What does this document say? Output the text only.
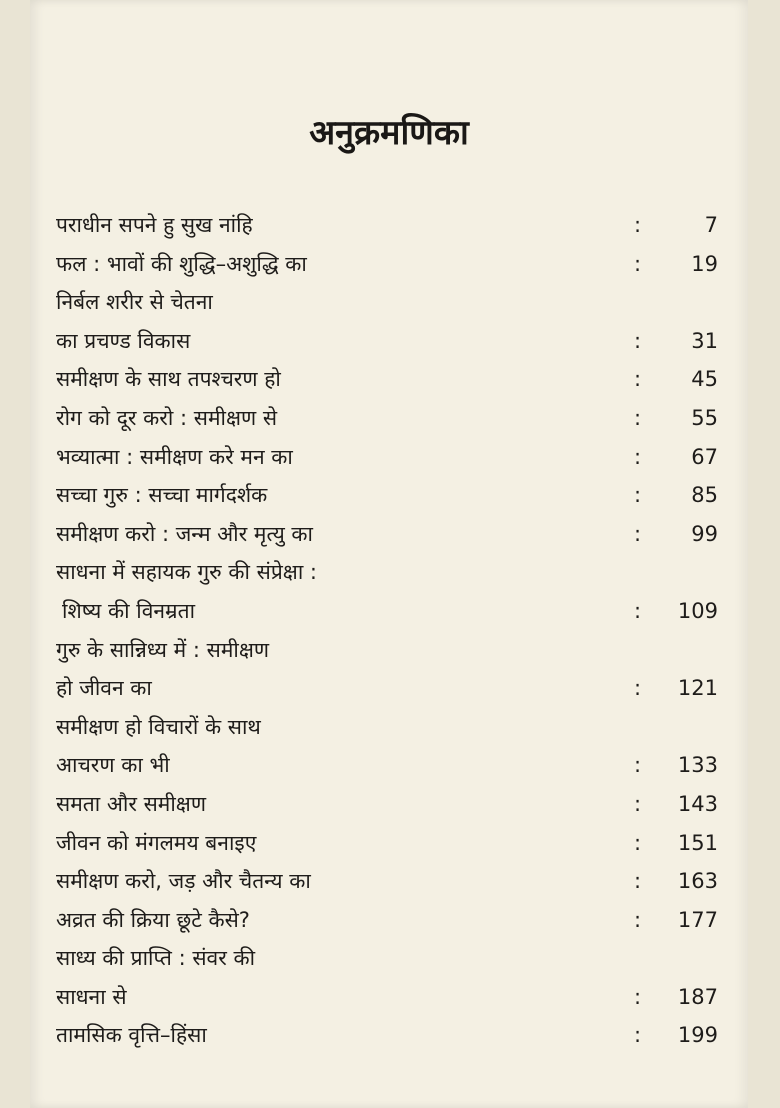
अनुक्रमणिका
पराधीन सपने हु सुख नांहि	:	7
फल : भावों की शुद्धि–अशुद्धि का	: 19
निर्बल शरीर से चेतना
का प्रचण्ड विकास	: 31
समीक्षण के साथ तपश्चरण हो	: 45
रोग को दूर करो : समीक्षण से	: 55
भव्यात्मा : समीक्षण करे मन का	: 67
सच्चा गुरु : सच्चा मार्गदर्शक	: 85
समीक्षण करो : जन्म और मृत्यु का	: 99
साधना में सहायक गुरु की संप्रेक्षा :
शिष्य की विनम्रता	: 109
गुरु के सान्निध्य में : समीक्षण
हो जीवन का	: 121
समीक्षण हो विचारों के साथ
आचरण का भी	: 133
समता और समीक्षण	: 143
जीवन को मंगलमय बनाइए	: 151
समीक्षण करो, जड़ और चैतन्य का	: 163
अव्रत की क्रिया छूटे कैसे?	: 177
साध्य की प्राप्ति : संवर की
साधना से	: 187
तामसिक वृत्ति–हिंसा	: 199
